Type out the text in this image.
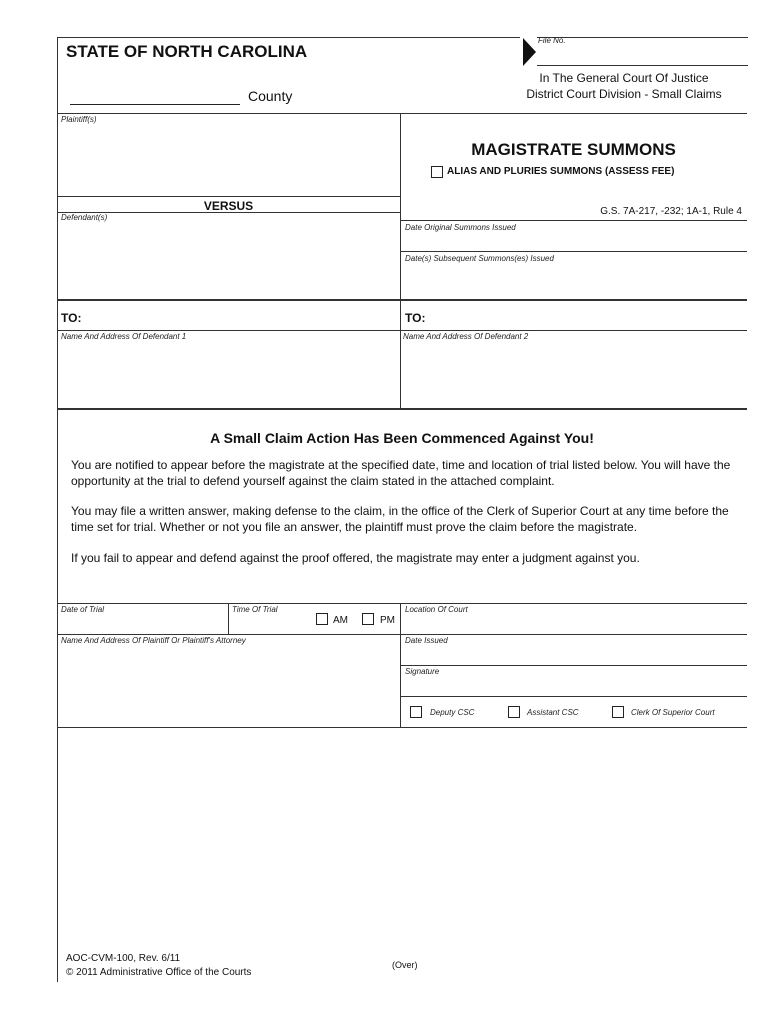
STATE OF NORTH CAROLINA
County
File No.
In The General Court Of Justice
District Court Division - Small Claims
Plaintiff(s)
VERSUS
Defendant(s)
MAGISTRATE SUMMONS
ALIAS AND PLURIES SUMMONS (ASSESS FEE)
G.S. 7A-217, -232; 1A-1, Rule 4
Date Original Summons Issued
Date(s) Subsequent Summons(es) Issued
TO:	TO:
Name And Address Of Defendant 1	Name And Address Of Defendant 2
A Small Claim Action Has Been Commenced Against You!
You are notified to appear before the magistrate at the specified date, time and location of trial listed below. You will have the opportunity at the trial to defend yourself against the claim stated in the attached complaint.
You may file a written answer, making defense to the claim, in the office of the Clerk of Superior Court at any time before the time set for trial. Whether or not you file an answer, the plaintiff must prove the claim before the magistrate.
If you fail to appear and defend against the proof offered, the magistrate may enter a judgment against you.
Date of Trial	Time Of Trial
AM	PM
Location Of Court
Name And Address Of Plaintiff Or Plaintiff's Attorney	Date Issued
Signature
Deputy CSC	Assistant CSC	Clerk Of Superior Court
AOC-CVM-100, Rev. 6/11
© 2011 Administrative Office of the Courts
(Over)
